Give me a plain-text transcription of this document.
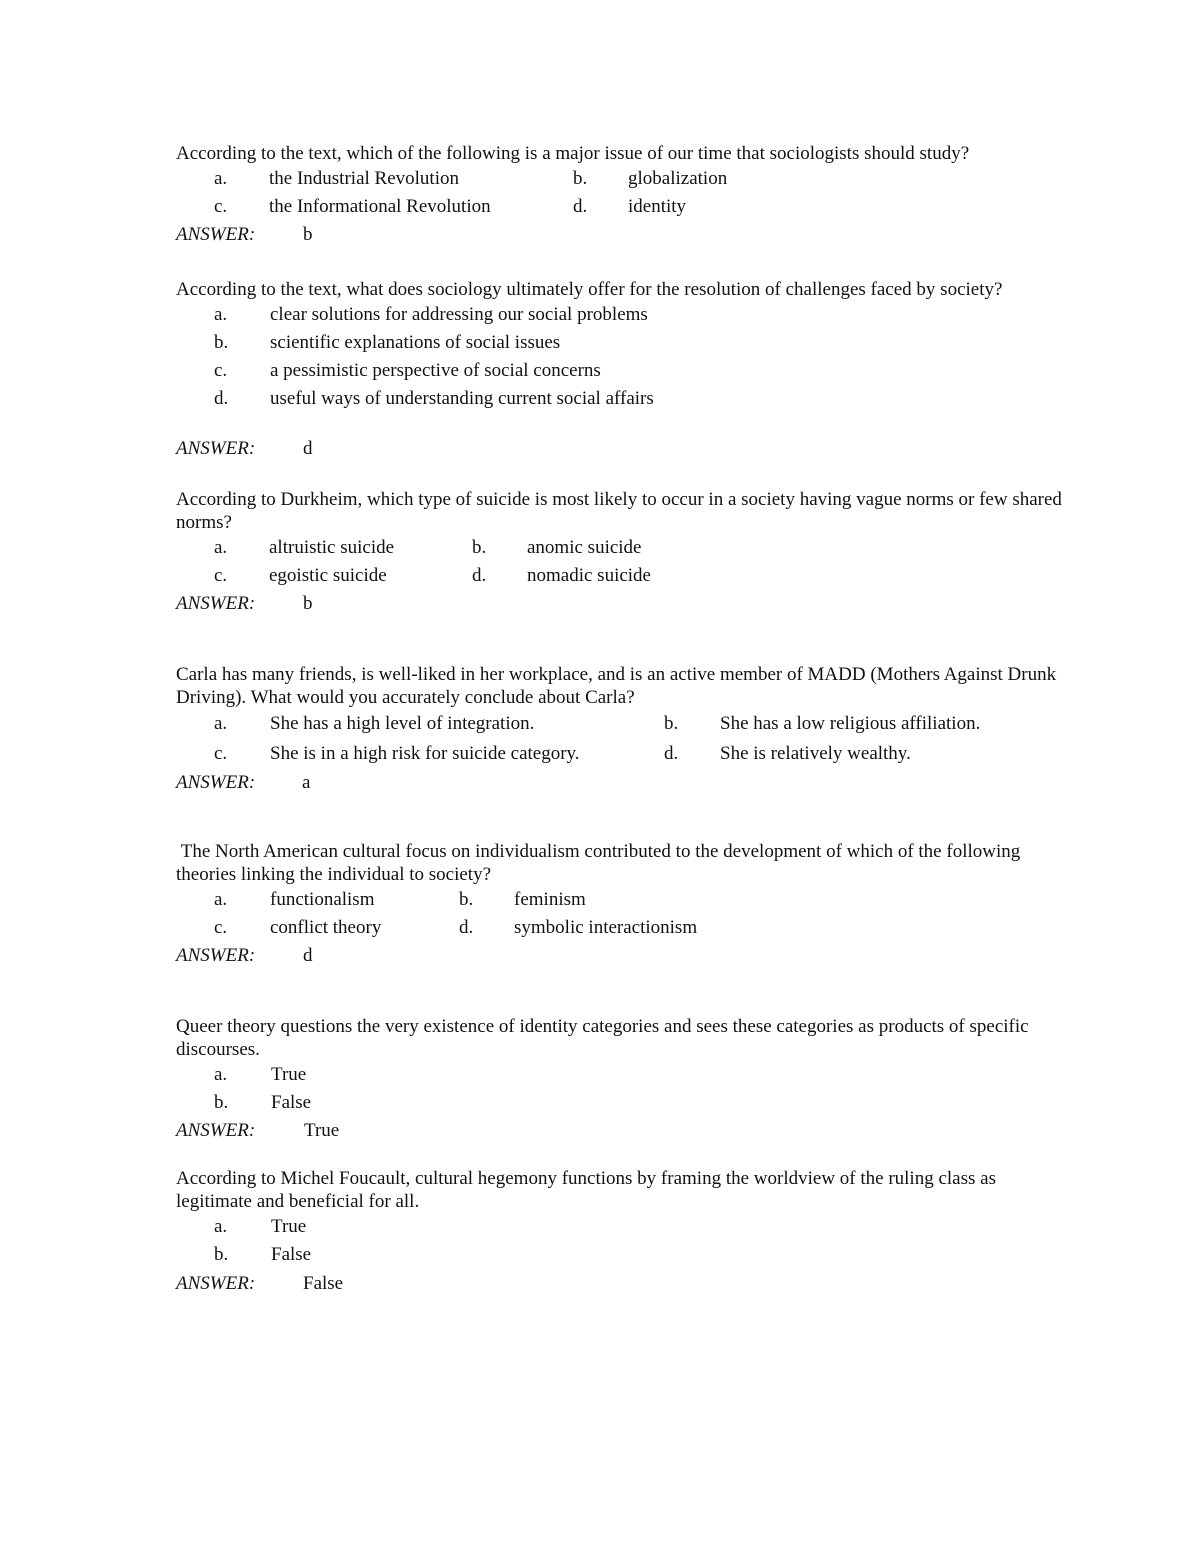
According to the text, which of the following is a major issue of our time that sociologists should study?

a. the Industrial Revolution	b. globalization
c. the Informational Revolution	d. identity
ANSWER:	b

According to the text, what does sociology ultimately offer for the resolution of challenges faced by society?

a. clear solutions for addressing our social problems
b. scientific explanations of social issues
c. a pessimistic perspective of social concerns
d. useful ways of understanding current social affairs
ANSWER:	d

According to Durkheim, which type of suicide is most likely to occur in a society having vague norms or few shared norms?

a. altruistic suicide	b. anomic suicide
c. egoistic suicide	d. nomadic suicide
ANSWER:	b

Carla has many friends, is well-liked in her workplace, and is an active member of MADD (Mothers Against Drunk Driving). What would you accurately conclude about Carla?

a. She has a high level of integration.	b. She has a low religious affiliation.
c. She is in a high risk for suicide category.	d. She is relatively wealthy.
ANSWER: a

The North American cultural focus on individualism contributed to the development of which of the following theories linking the individual to society?

a. functionalism	b. feminism
c. conflict theory	d. symbolic interactionism
ANSWER:	d

Queer theory questions the very existence of identity categories and sees these categories as products of specific discourses.

a. True
b. False
ANSWER:	True

According to Michel Foucault, cultural hegemony functions by framing the worldview of the ruling class as legitimate and beneficial for all.

a. True
b. False
ANSWER:	False
